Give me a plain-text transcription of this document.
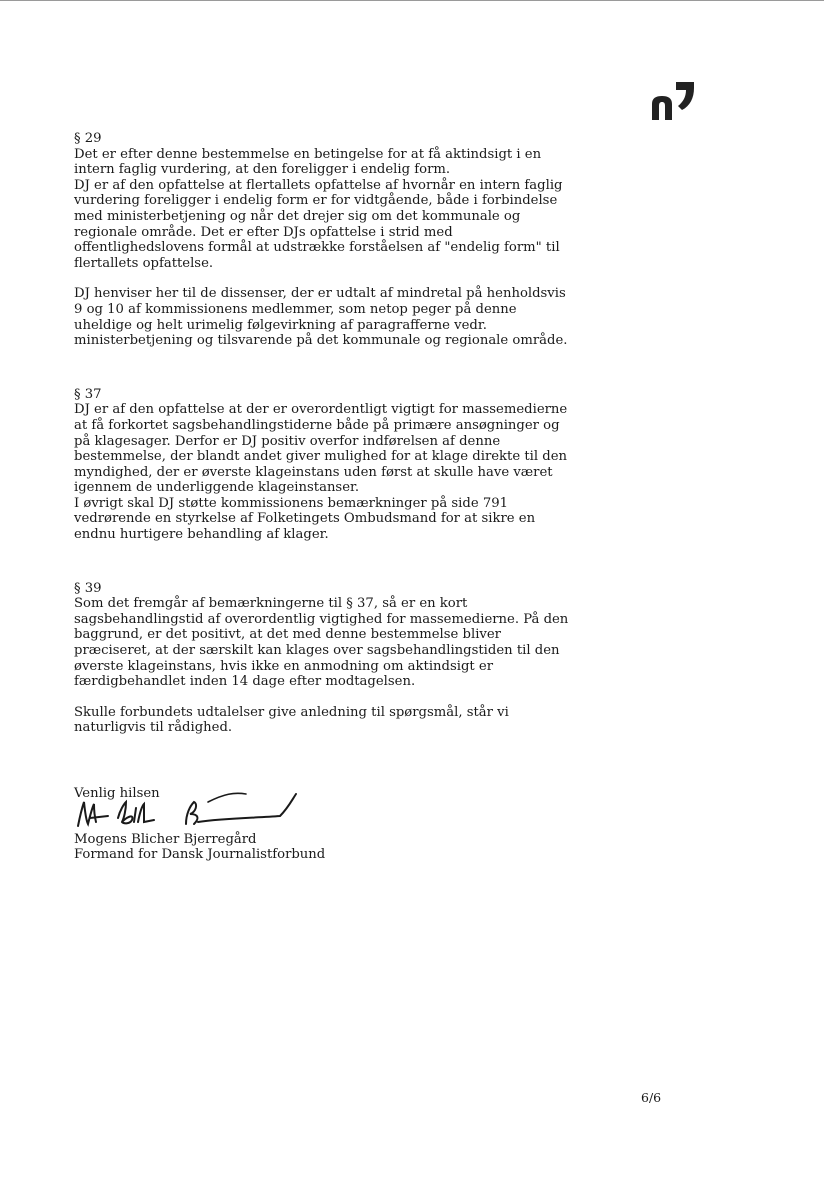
§ 29

Det er efter denne bestemmelse en betingelse for at få aktindsigt i en intern faglig vurdering, at den foreligger i endelig form.

DJ er af den opfattelse at flertallets opfattelse af hvornår en intern faglig vurdering foreligger i endelig form er for vidtgående, både i forbindelse med ministerbetjening og når det drejer sig om det kommunale og regionale område. Det er efter DJs opfattelse i strid med offentlighedslovens formål at udstrække forståelsen af "endelig form" til flertallets opfattelse.

DJ henviser her til de dissenser, der er udtalt af mindretal på henholdsvis 9 og 10 af kommissionens medlemmer, som netop peger på denne uheldige og helt urimelig følgevirkning af paragrafferne vedr. ministerbetjening og tilsvarende på det kommunale og regionale område.

§ 37

DJ er af den opfattelse at der er overordentligt vigtigt for massemedierne at få forkortet sagsbehandlingstiderne både på primære ansøgninger og på klagesager. Derfor er DJ positiv overfor indførelsen af denne bestemmelse, der blandt andet giver mulighed for at klage direkte til den myndighed, der er øverste klageinstans uden først at skulle have været igennem de underliggende klageinstanser.

I øvrigt skal DJ støtte kommissionens bemærkninger på side 791 vedrørende en styrkelse af Folketingets Ombudsmand for at sikre en endnu hurtigere behandling af klager.

§ 39

Som det fremgår af bemærkningerne til § 37, så er en kort sagsbehandlingstid af overordentlig vigtighed for massemedierne. På den baggrund, er det positivt, at det med denne bestemmelse bliver præciseret, at der særskilt kan klages over sagsbehandlingstiden til den øverste klageinstans, hvis ikke en anmodning om aktindsigt er færdigbehandlet inden 14 dage efter modtagelsen.

Skulle forbundets udtalelser give anledning til spørgsmål, står vi naturligvis til rådighed.

Venlig hilsen
Mogens Blicher Bjerregård
Formand for Dansk Journalistforbund
6/6
